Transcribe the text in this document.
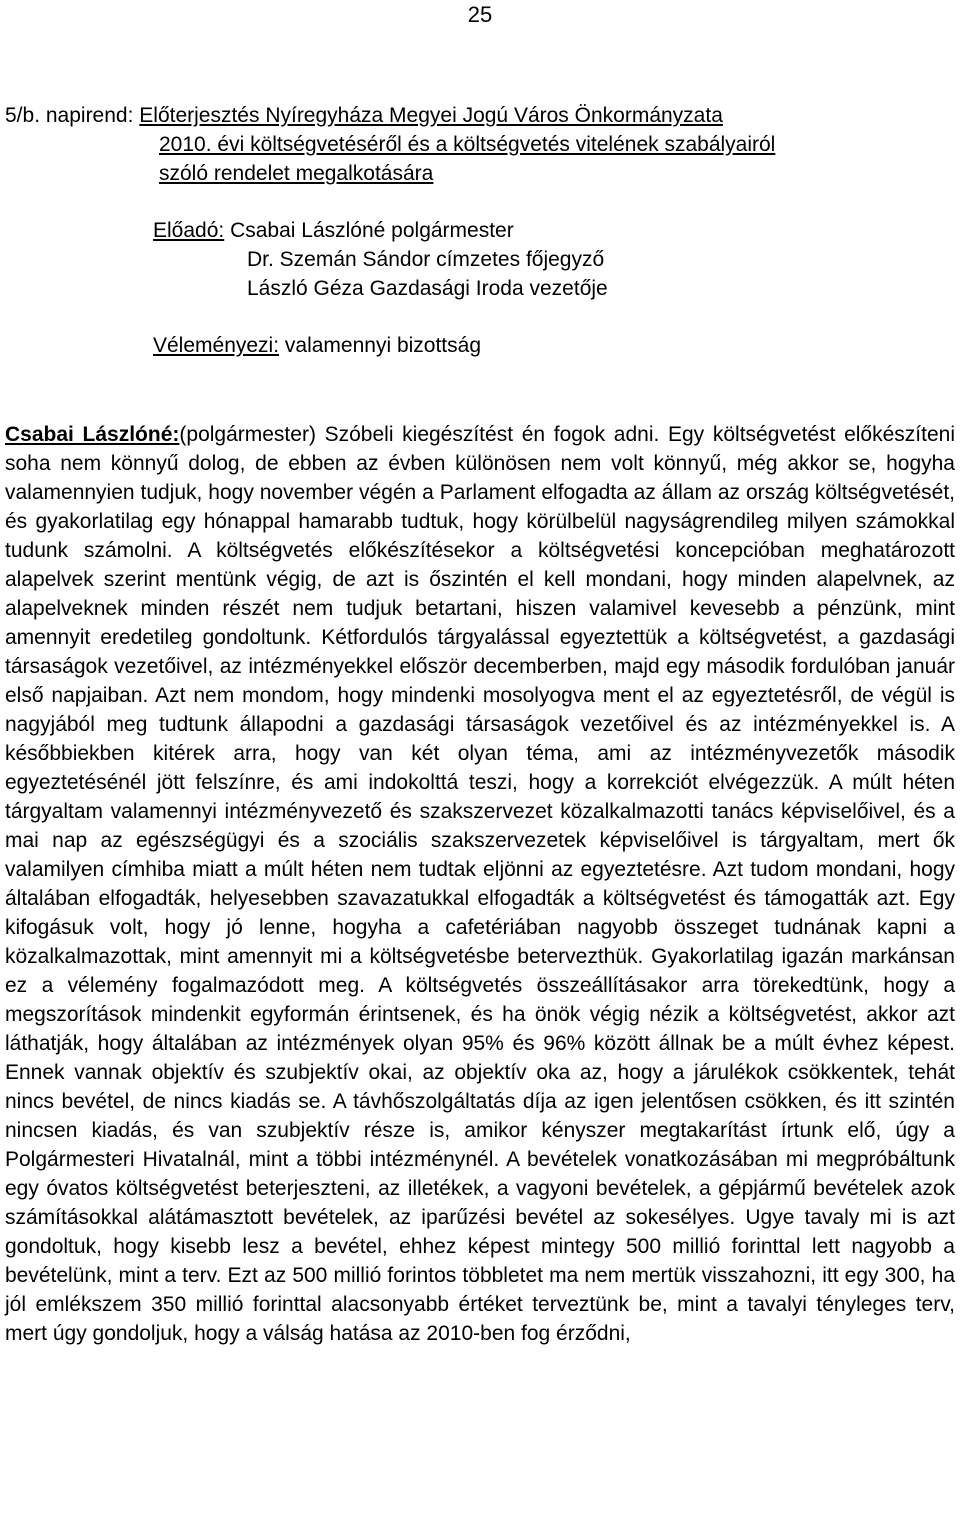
25
5/b. napirend: Előterjesztés Nyíregyháza Megyei Jogú Város Önkormányzata
2010. évi költségvetéséről és a költségvetés vitelének szabályairól
szóló rendelet megalkotására
Előadó: Csabai Lászlóné polgármester
Dr. Szemán Sándor címzetes főjegyző
László Géza Gazdasági Iroda vezetője
Véleményezi: valamennyi bizottság
Csabai Lászlóné:(polgármester) Szóbeli kiegészítést én fogok adni. Egy költségvetést előkészíteni soha nem könnyű dolog, de ebben az évben különösen nem volt könnyű, még akkor se, hogyha valamennyien tudjuk, hogy november végén a Parlament elfogadta az állam az ország költségvetését, és gyakorlatilag egy hónappal hamarabb tudtuk, hogy körülbelül nagyságrendileg milyen számokkal tudunk számolni. A költségvetés előkészítésekor a költségvetési koncepcióban meghatározott alapelvek szerint mentünk végig, de azt is őszintén el kell mondani, hogy minden alapelvnek, az alapelveknek minden részét nem tudjuk betartani, hiszen valamivel kevesebb a pénzünk, mint amennyit eredetileg gondoltunk. Kétfordulós tárgyalással egyeztettük a költségvetést, a gazdasági társaságok vezetőivel, az intézményekkel először decemberben, majd egy második fordulóban január első napjaiban. Azt nem mondom, hogy mindenki mosolyogva ment el az egyeztetésről, de végül is nagyjából meg tudtunk állapodni a gazdasági társaságok vezetőivel és az intézményekkel is. A későbbiekben kitérek arra, hogy van két olyan téma, ami az intézményvezetők második egyeztetésénél jött felszínre, és ami indokolttá teszi, hogy a korrekciót elvégezzük. A múlt héten tárgyaltam valamennyi intézményvezető és szakszervezet közalkalmazotti tanács képviselőivel, és a mai nap az egészségügyi és a szociális szakszervezetek képviselőivel is tárgyaltam, mert ők valamilyen címhiba miatt a múlt héten nem tudtak eljönni az egyeztetésre. Azt tudom mondani, hogy általában elfogadták, helyesebben szavazatukkal elfogadták a költségvetést és támogatták azt. Egy kifogásuk volt, hogy jó lenne, hogyha a cafetériában nagyobb összeget tudnának kapni a közalkalmazottak, mint amennyit mi a költségvetésbe betervezthük. Gyakorlatilag igazán markánsan ez a vélemény fogalmazódott meg. A költségvetés összeállításakor arra törekedtünk, hogy a megszorítások mindenkit egyformán érintsenek, és ha önök végig nézik a költségvetést, akkor azt láthatják, hogy általában az intézmények olyan 95% és 96% között állnak be a múlt évhez képest. Ennek vannak objektív és szubjektív okai, az objektív oka az, hogy a járulékok csökkentek, tehát nincs bevétel, de nincs kiadás se. A távhőszolgáltatás díja az igen jelentősen csökken, és itt szintén nincsen kiadás, és van szubjektív része is, amikor kényszer megtakarítást írtunk elő, úgy a Polgármesteri Hivatalnál, mint a többi intézménynél. A bevételek vonatkozásában mi megpróbáltunk egy óvatos költségvetést beterjeszteni, az illetékek, a vagyoni bevételek, a gépjármű bevételek azok számításokkal alátámasztott bevételek, az iparűzési bevétel az sokesélyes. Ugye tavaly mi is azt gondoltuk, hogy kisebb lesz a bevétel, ehhez képest mintegy 500 millió forinttal lett nagyobb a bevételünk, mint a terv. Ezt az 500 millió forintos többletet ma nem mertük visszahozni, itt egy 300, ha jól emlékszem 350 millió forinttal alacsonyabb értéket terveztünk be, mint a tavalyi tényleges terv, mert úgy gondoljuk, hogy a válság hatása az 2010-ben fog érződni,
